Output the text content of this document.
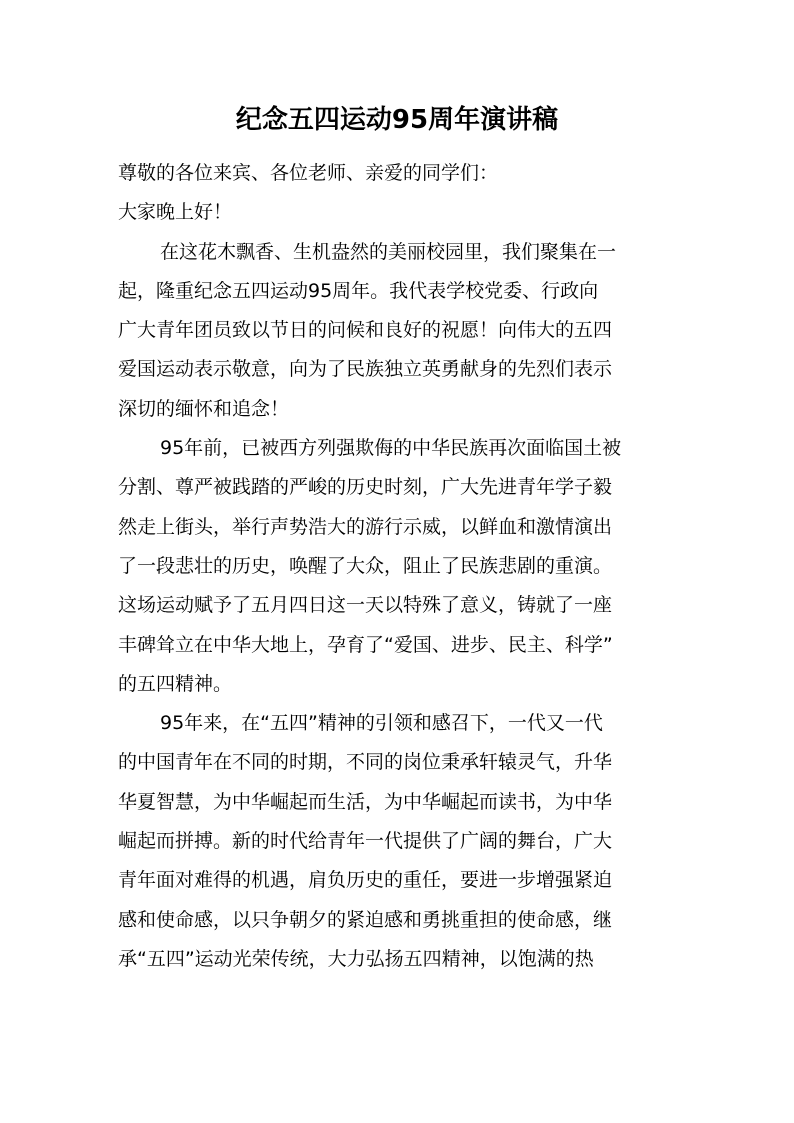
纪念五四运动95周年演讲稿
尊敬的各位来宾、各位老师、亲爱的同学们：
大家晚上好！
在这花木飘香、生机盎然的美丽校园里，我们聚集在一
起，隆重纪念五四运动95周年。我代表学校党委、行政向
广大青年团员致以节日的问候和良好的祝愿！向伟大的五四
爱国运动表示敬意，向为了民族独立英勇献身的先烈们表示
深切的缅怀和追念！
95年前，已被西方列强欺侮的中华民族再次面临国土被
分割、尊严被践踏的严峻的历史时刻，广大先进青年学子毅
然走上街头，举行声势浩大的游行示威，以鲜血和激情演出
了一段悲壮的历史，唤醒了大众，阻止了民族悲剧的重演。
这场运动赋予了五月四日这一天以特殊了意义，铸就了一座
丰碑耸立在中华大地上，孕育了“爱国、进步、民主、科学”
的五四精神。
95年来，在“五四”精神的引领和感召下，一代又一代
的中国青年在不同的时期，不同的岗位秉承轩辕灵气，升华
华夏智慧，为中华崛起而生活，为中华崛起而读书，为中华
崛起而拼搏。新的时代给青年一代提供了广阔的舞台，广大
青年面对难得的机遇，肩负历史的重任，要进一步增强紧迫
感和使命感，以只争朝夕的紧迫感和勇挑重担的使命感，继
承“五四”运动光荣传统，大力弘扬五四精神，以饱满的热
